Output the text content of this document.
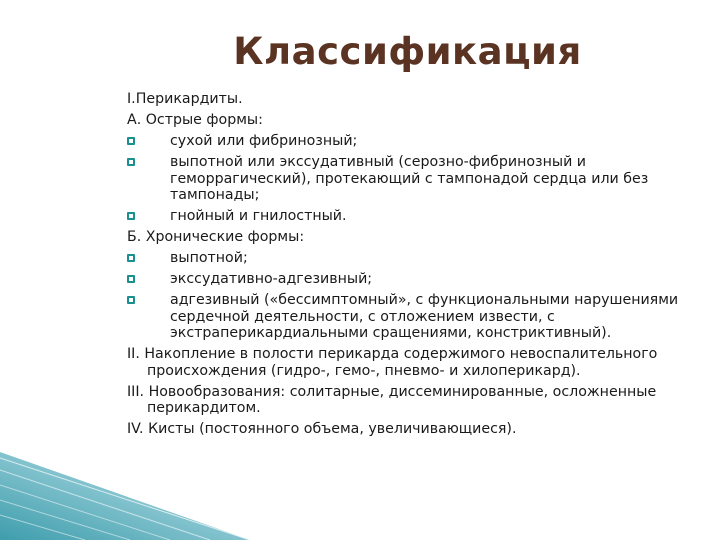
Классификация
I.Перикардиты.
А. Острые формы:
сухой или фибринозный;
выпотной или экссудативный (серозно-фибринозный и геморрагический), протекающий с тампонадой сердца или без тампонады;
гнойный и гнилостный.
Б. Хронические формы:
выпотной;
экссудативно-адгезивный;
адгезивный («бессимптомный», с функциональными нарушениями сердечной деятельности, с отложением извести, с экстраперикардиальными сращениями, констриктивный).
II. Накопление в полости перикарда содержимого невоспалительного происхождения (гидро-, гемо-, пневмо- и хилоперикард).
III. Новообразования: солитарные, диссеминированные, осложненные перикардитом.
IV. Кисты (постоянного объема, увеличивающиеся).
